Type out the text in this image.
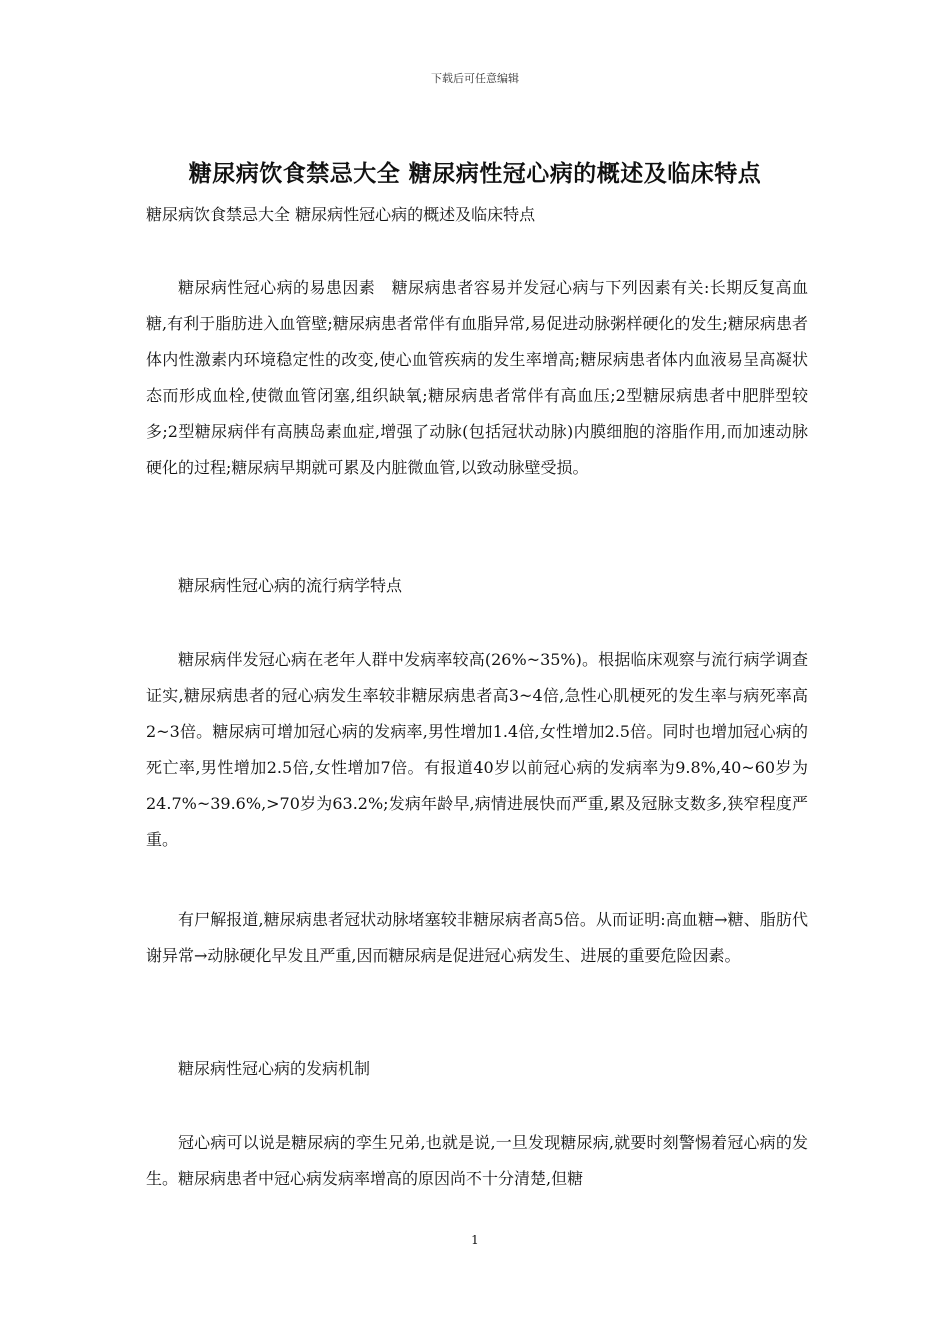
下载后可任意编辑
糖尿病饮食禁忌大全 糖尿病性冠心病的概述及临床特点
糖尿病饮食禁忌大全 糖尿病性冠心病的概述及临床特点

糖尿病性冠心病的易患因素　糖尿病患者容易并发冠心病与下列因素有关:长期反复高血糖,有利于脂肪进入血管壁;糖尿病患者常伴有血脂异常,易促进动脉粥样硬化的发生;糖尿病患者体内性激素内环境稳定性的改变,使心血管疾病的发生率增高;糖尿病患者体内血液易呈高凝状态而形成血栓,使微血管闭塞,组织缺氧;糖尿病患者常伴有高血压;2型糖尿病患者中肥胖型较多;2型糖尿病伴有高胰岛素血症,增强了动脉(包括冠状动脉)内膜细胞的溶脂作用,而加速动脉硬化的过程;糖尿病早期就可累及内脏微血管,以致动脉壁受损。

糖尿病性冠心病的流行病学特点

糖尿病伴发冠心病在老年人群中发病率较高(26%~35%)。根据临床观察与流行病学调查证实,糖尿病患者的冠心病发生率较非糖尿病患者高3~4倍,急性心肌梗死的发生率与病死率高2~3倍。糖尿病可增加冠心病的发病率,男性增加1.4倍,女性增加2.5倍。同时也增加冠心病的死亡率,男性增加2.5倍,女性增加7倍。有报道40岁以前冠心病的发病率为9.8%,40~60岁为24.7%~39.6%,>70岁为63.2%;发病年龄早,病情进展快而严重,累及冠脉支数多,狭窄程度严重。

有尸解报道,糖尿病患者冠状动脉堵塞较非糖尿病者高5倍。从而证明:高血糖→糖、脂肪代谢异常→动脉硬化早发且严重,因而糖尿病是促进冠心病发生、进展的重要危险因素。

糖尿病性冠心病的发病机制

冠心病可以说是糖尿病的孪生兄弟,也就是说,一旦发现糖尿病,就要时刻警惕着冠心病的发生。糖尿病患者中冠心病发病率增高的原因尚不十分清楚,但糖

1
